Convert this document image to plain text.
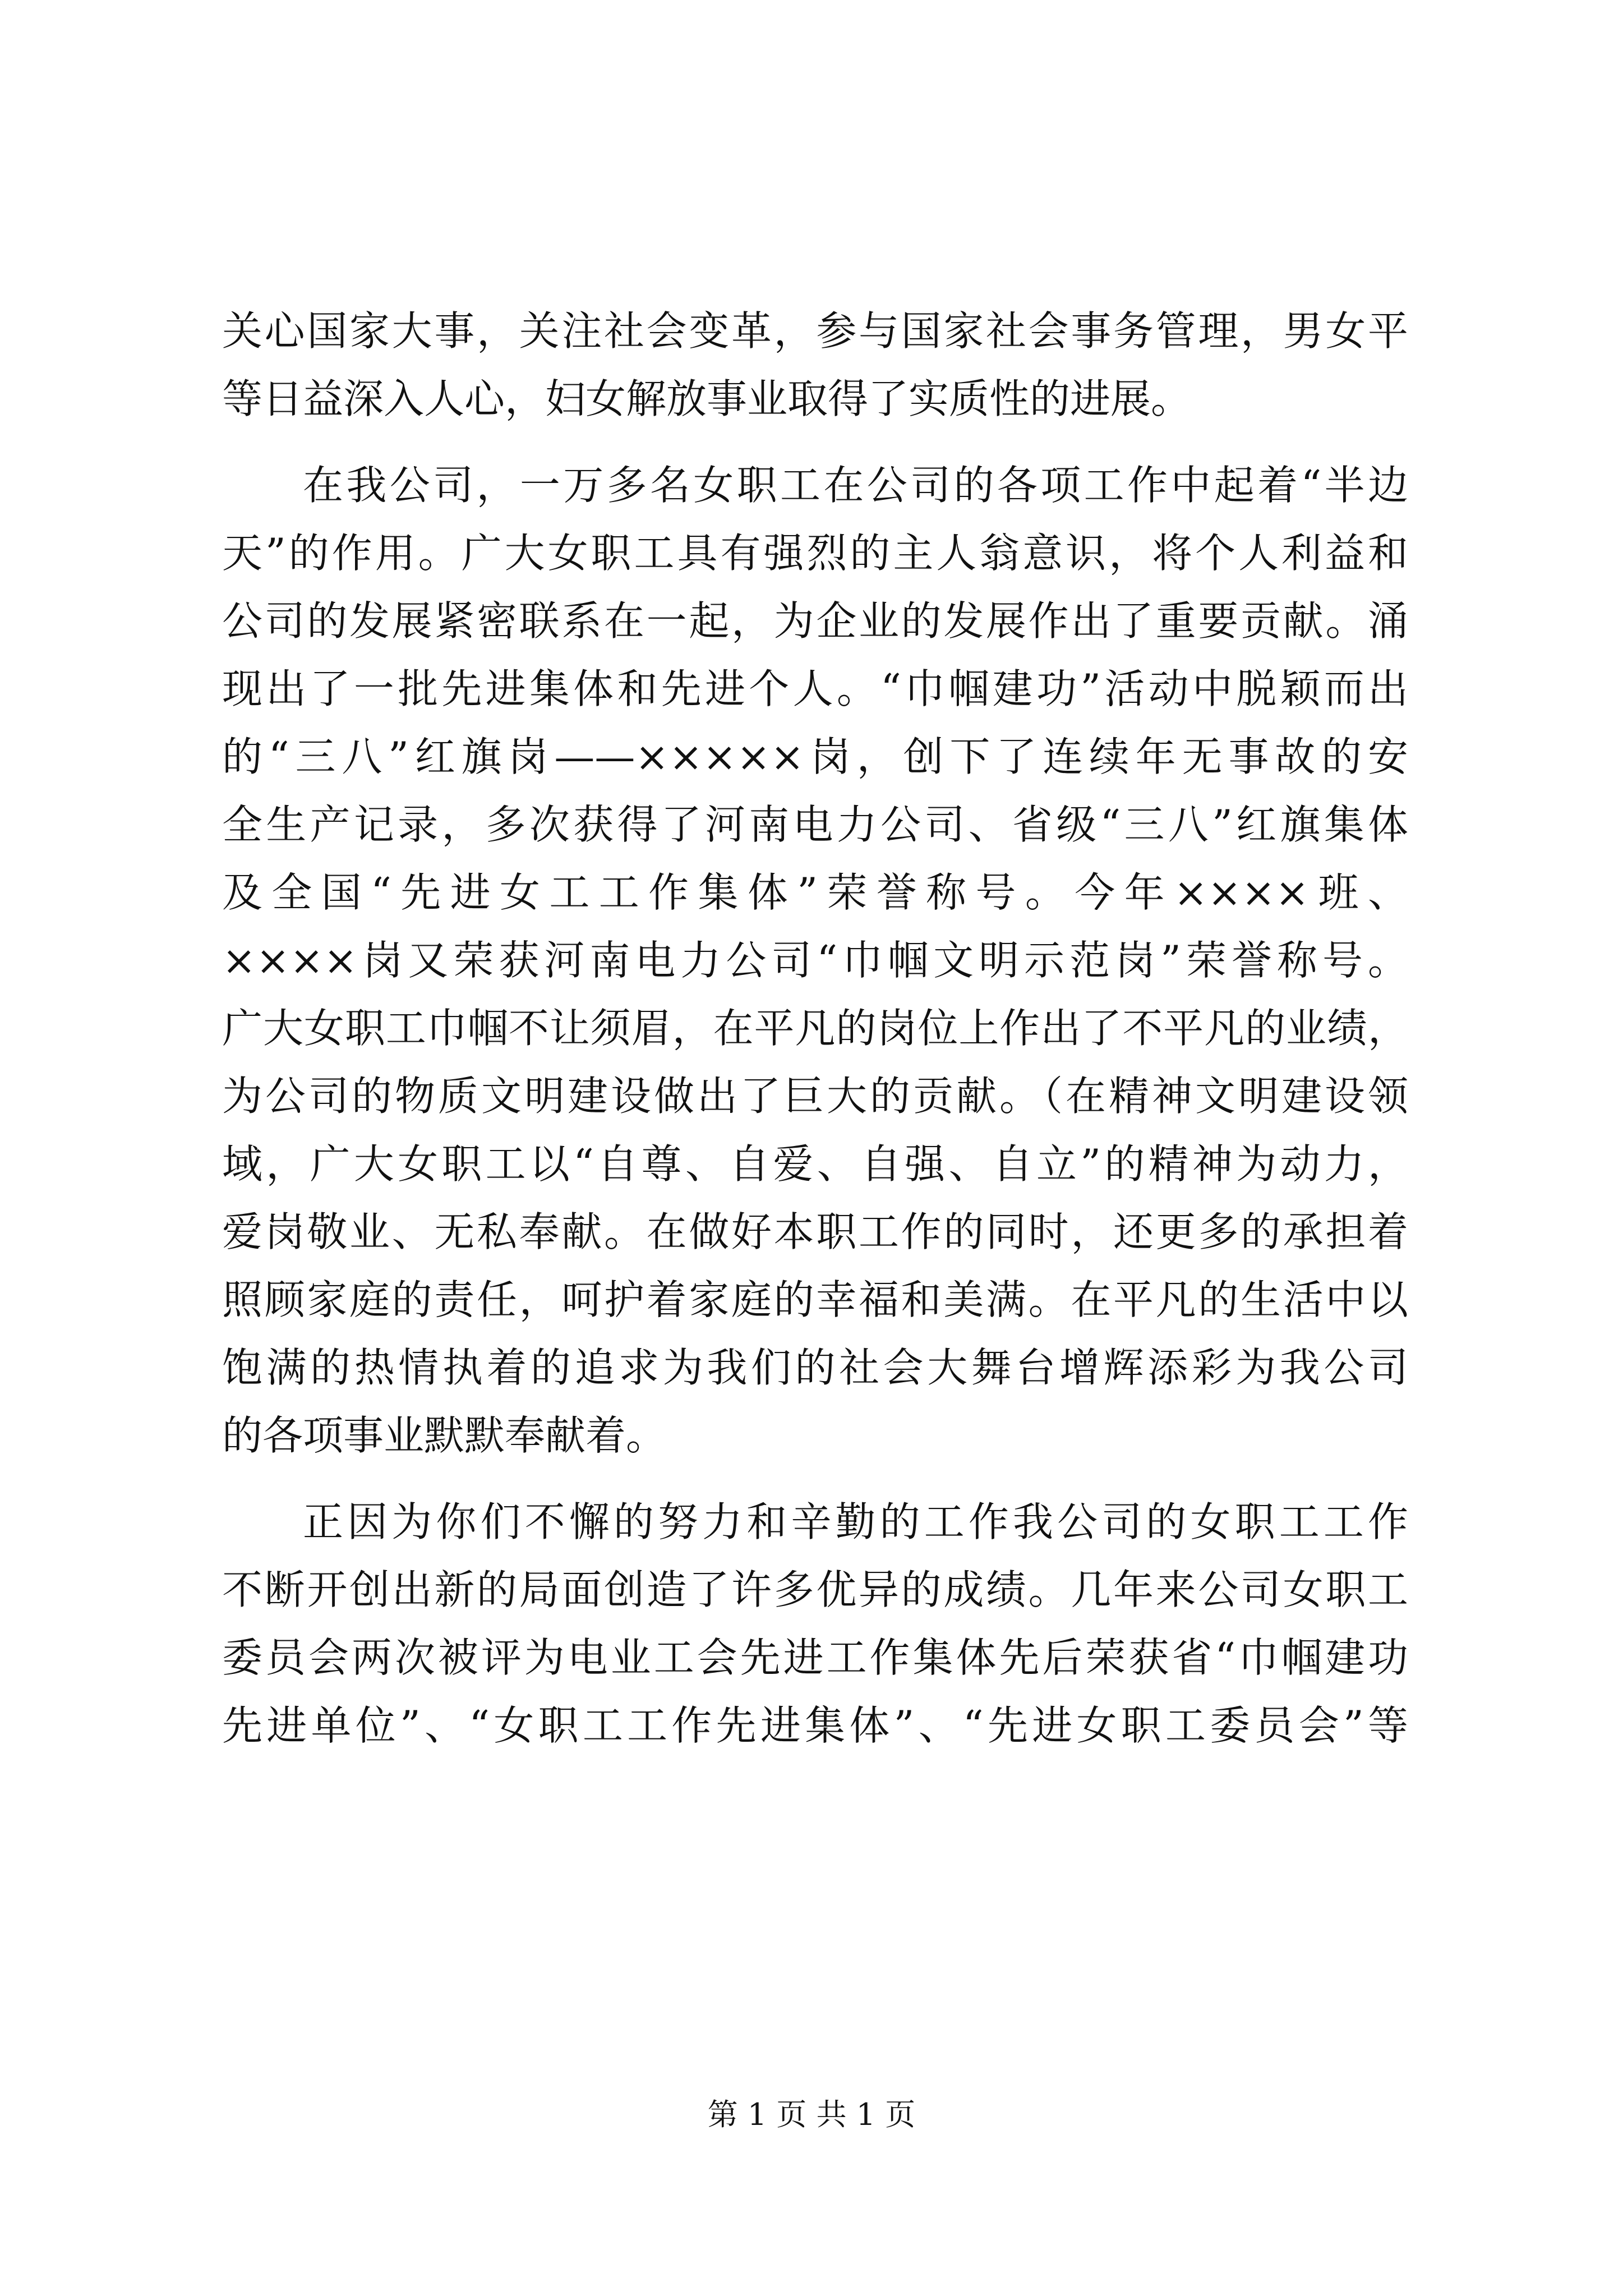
关心国家大事，关注社会变革，参与国家社会事务管理，男女平
等日益深入人心，妇女解放事业取得了实质性的进展。
在我公司，一万多名女职工在公司的各项工作中起着“半边
天”的作用。广大女职工具有强烈的主人翁意识，将个人利益和
公司的发展紧密联系在一起，为企业的发展作出了重要贡献。涌
现出了一批先进集体和先进个人。“巾帼建功”活动中脱颖而出
的“三八”红旗岗——×××××岗，创下了连续年无事故的安
全生产记录，多次获得了河南电力公司、省级“三八”红旗集体
及全国“先进女工工作集体”荣誉称号。今年××××班、
××××岗又荣获河南电力公司“巾帼文明示范岗”荣誉称号。
广大女职工巾帼不让须眉，在平凡的岗位上作出了不平凡的业绩，
为公司的物质文明建设做出了巨大的贡献。（在精神文明建设领
域，广大女职工以“自尊、自爱、自强、自立”的精神为动力，
爱岗敬业、无私奉献。在做好本职工作的同时，还更多的承担着
照顾家庭的责任，呵护着家庭的幸福和美满。在平凡的生活中以
饱满的热情执着的追求为我们的社会大舞台增辉添彩为我公司
的各项事业默默奉献着。
正因为你们不懈的努力和辛勤的工作我公司的女职工工作
不断开创出新的局面创造了许多优异的成绩。几年来公司女职工
委员会两次被评为电业工会先进工作集体先后荣获省“巾帼建功
先进单位”、“女职工工作先进集体”、“先进女职工委员会”等
第 1 页 共 1 页
